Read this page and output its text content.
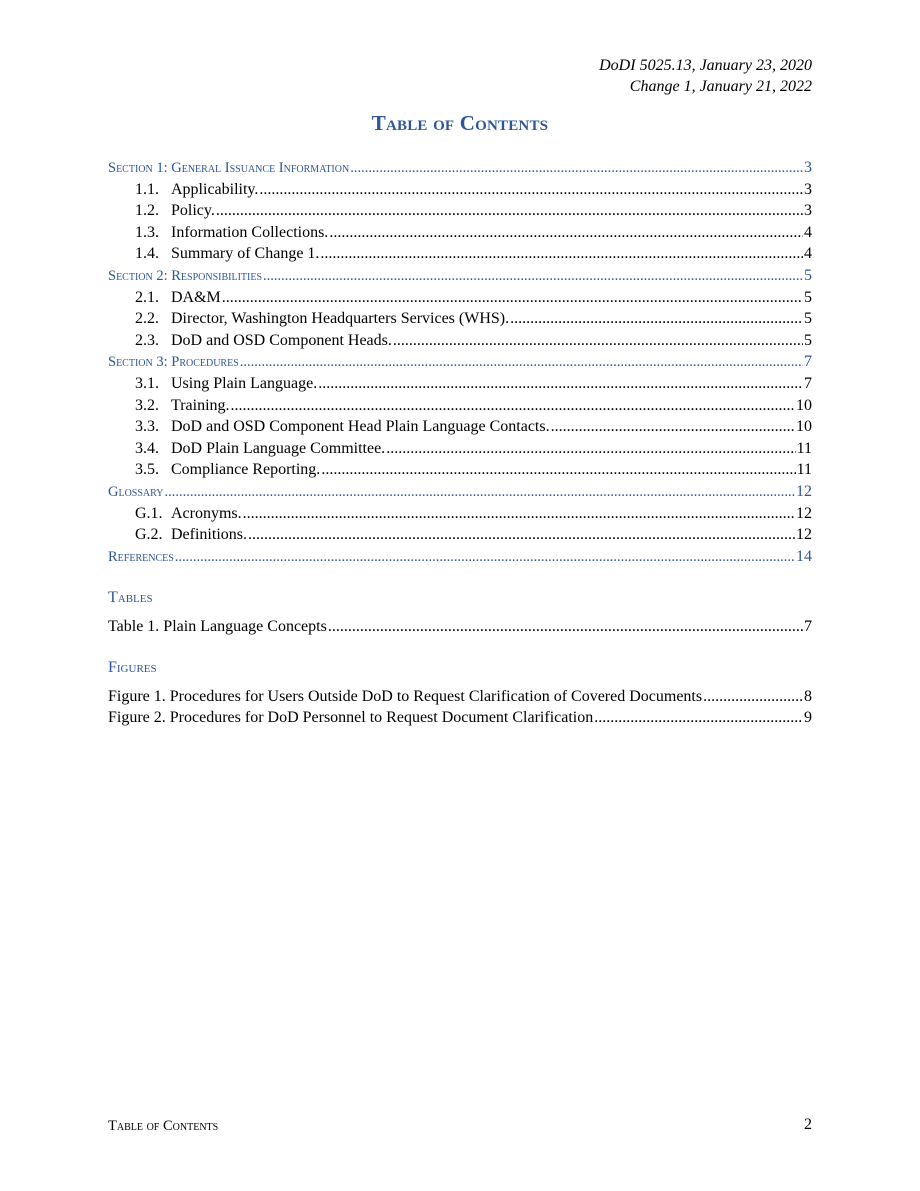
DoDI 5025.13, January 23, 2020
Change 1, January 21, 2022
Table of Contents
Section 1: General Issuance Information .....	3
1.1. Applicability. .....	3
1.2. Policy. .....	3
1.3. Information Collections. .....	4
1.4. Summary of Change 1. .....	4
Section 2: Responsibilities .....	5
2.1. DA&M .....	5
2.2. Director, Washington Headquarters Services (WHS). .....	5
2.3. DoD and OSD Component Heads. .....	5
Section 3: Procedures .....	7
3.1. Using Plain Language. .....	7
3.2. Training. .....	10
3.3. DoD and OSD Component Head Plain Language Contacts. .....	10
3.4. DoD Plain Language Committee. .....	11
3.5. Compliance Reporting. .....	11
Glossary .....	12
G.1. Acronyms. .....	12
G.2. Definitions. .....	12
References .....	14
Tables
Table 1. Plain Language Concepts .....	7
Figures
Figure 1. Procedures for Users Outside DoD to Request Clarification of Covered Documents .....	8
Figure 2. Procedures for DoD Personnel to Request Document Clarification .....	9
Table of Contents	2
